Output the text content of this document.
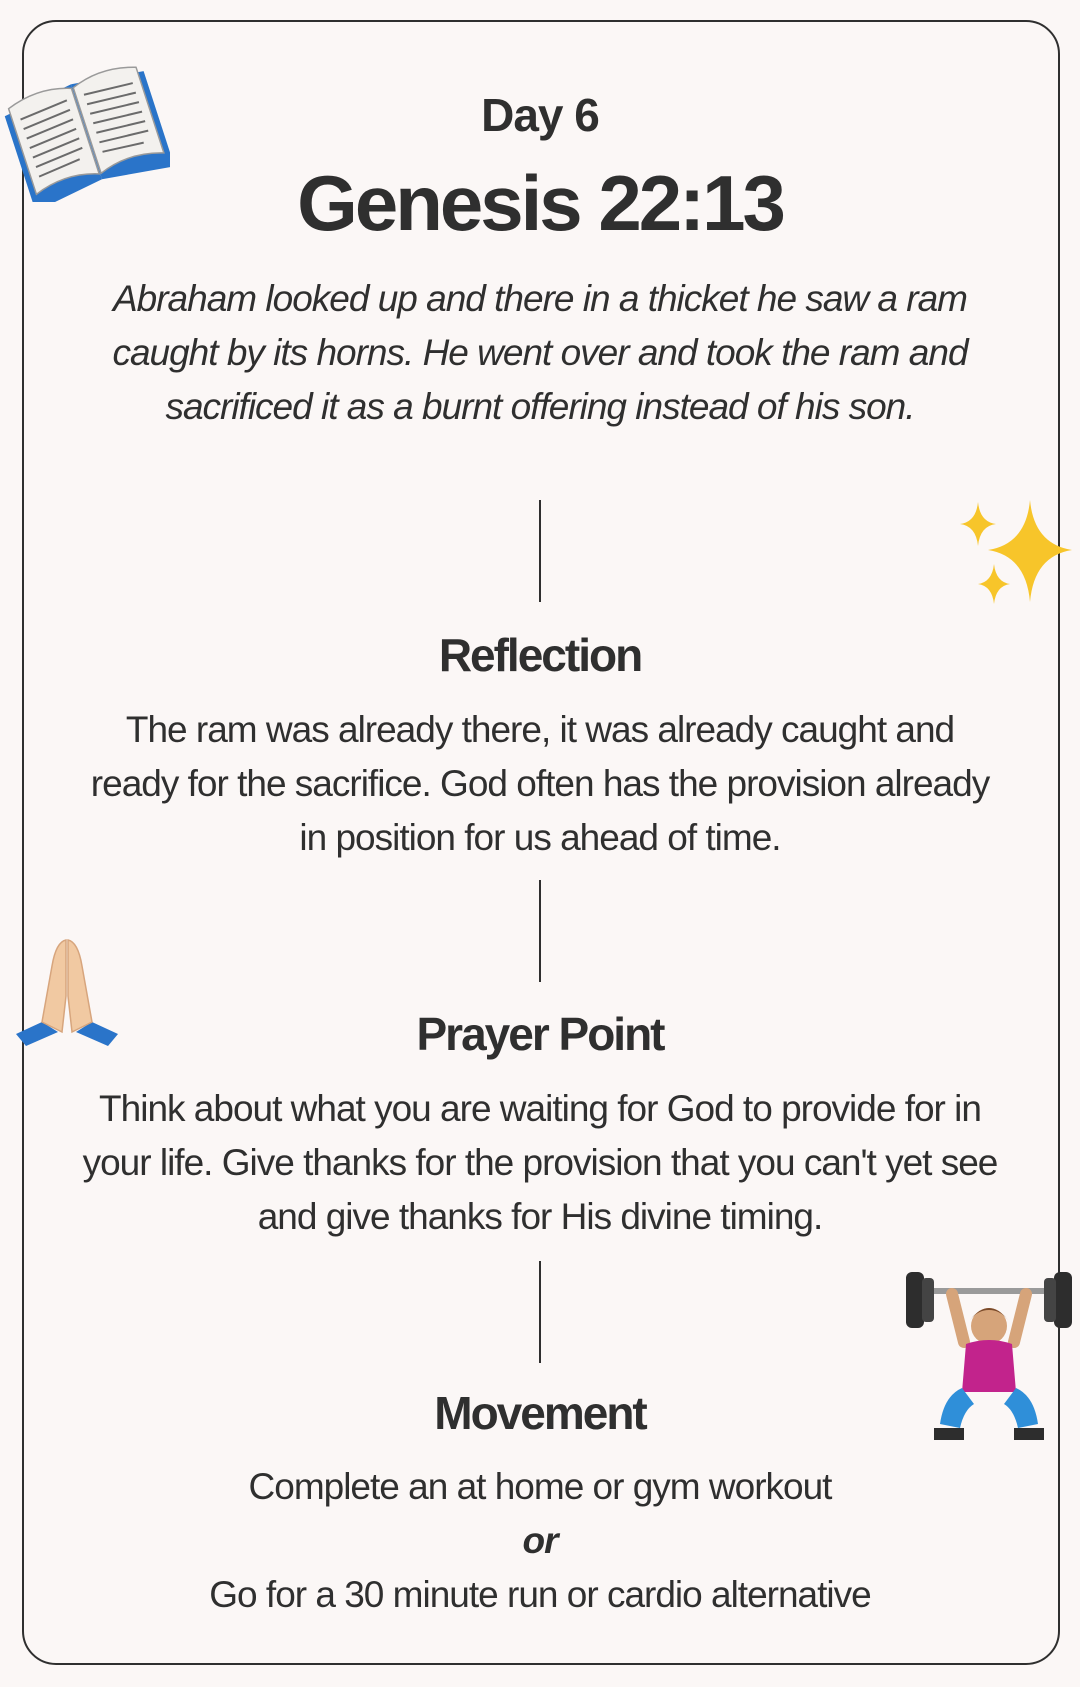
Day 6
Genesis 22:13
Abraham looked up and there in a thicket he saw a ram caught by its horns. He went over and took the ram and sacrificed it as a burnt offering instead of his son.
Reflection
The ram was already there, it was already caught and ready for the sacrifice. God often has the provision already in position for us ahead of time.
Prayer Point
Think about what you are waiting for God to provide for in your life. Give thanks for the provision that you can't yet see and give thanks for His divine timing.
Movement
Complete an at home or gym workout
or
Go for a 30 minute run or cardio alternative
